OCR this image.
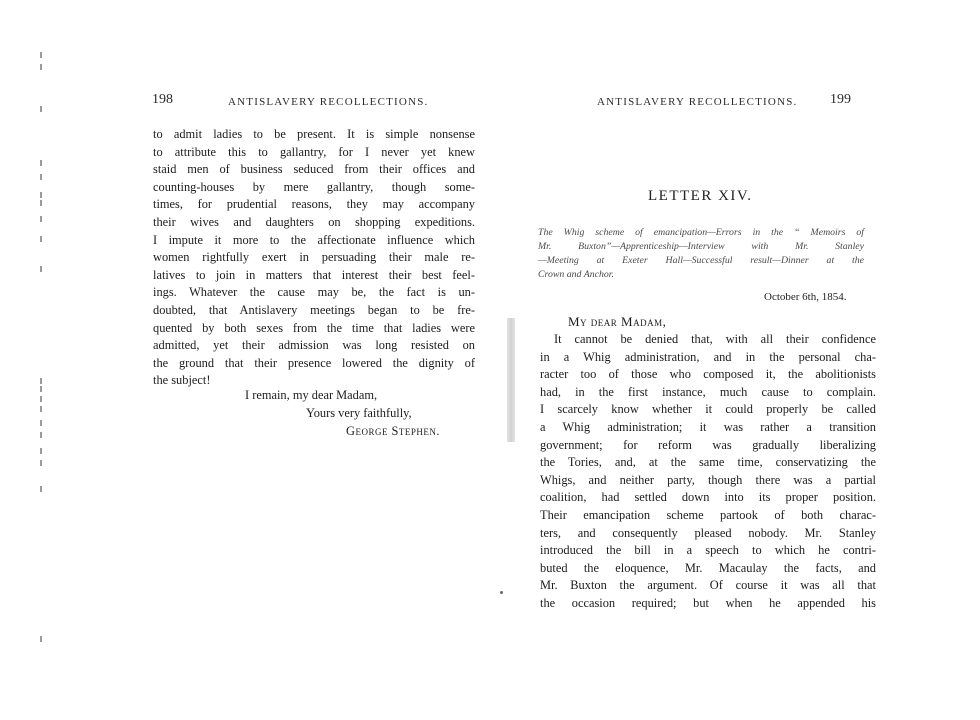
198	ANTISLAVERY RECOLLECTIONS.
to admit ladies to be present. It is simple nonsense
to attribute this to gallantry, for I never yet knew
staid men of business seduced from their offices and
counting-houses by mere gallantry, though some-
times, for prudential reasons, they may accompany
their wives and daughters on shopping expeditions.
I impute it more to the affectionate influence which
women rightfully exert in persuading their male re-
latives to join in matters that interest their best feel-
ings. Whatever the cause may be, the fact is un-
doubted, that Antislavery meetings began to be fre-
quented by both sexes from the time that ladies were
admitted, yet their admission was long resisted on
the ground that their presence lowered the dignity of
the subject!
I remain, my dear Madam,
Yours very faithfully,
George Stephen.
ANTISLAVERY RECOLLECTIONS. 199
LETTER XIV.
The Whig scheme of emancipation—Errors in the “ Memoirs of
Mr. Buxton”—Apprenticeship—Interview with Mr. Stanley
—Meeting at Exeter Hall—Successful result—Dinner at the
Crown and Anchor.
October 6th, 1854.
My dear Madam,
It cannot be denied that, with all their confidence
in a Whig administration, and in the personal cha-
racter too of those who composed it, the abolitionists
had, in the first instance, much cause to complain.
I scarcely know whether it could properly be called
a Whig administration; it was rather a transition
government; for reform was gradually liberalizing
the Tories, and, at the same time, conservatizing the
Whigs, and neither party, though there was a partial
coalition, had settled down into its proper position.
Their emancipation scheme partook of both charac-
ters, and consequently pleased nobody. Mr. Stanley
introduced the bill in a speech to which he contri-
buted the eloquence, Mr. Macaulay the facts, and
Mr. Buxton the argument. Of course it was all that
the occasion required; but when he appended his
